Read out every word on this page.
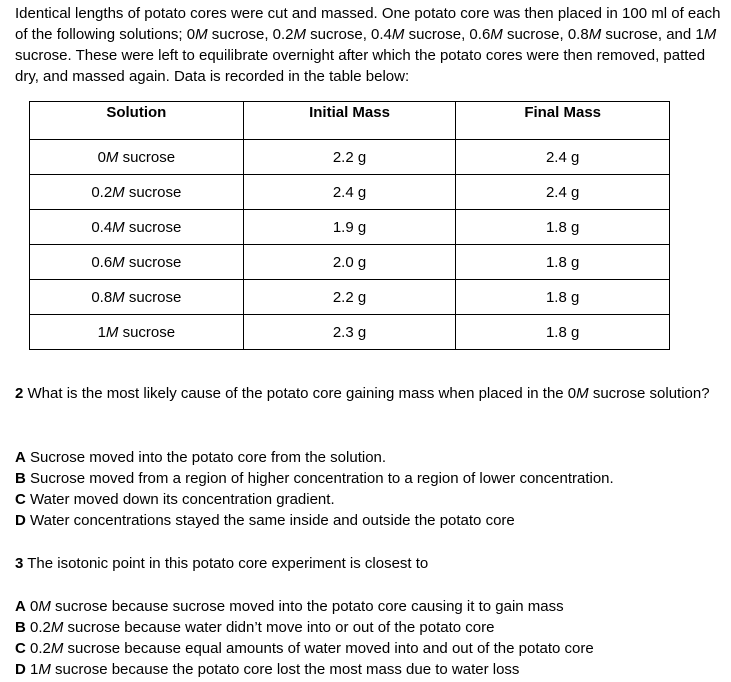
Identical lengths of potato cores were cut and massed. One potato core was then placed in 100 ml of each of the following solutions; 0M sucrose, 0.2M sucrose, 0.4M sucrose, 0.6M sucrose, 0.8M sucrose, and 1M sucrose. These were left to equilibrate overnight after which the potato cores were then removed, patted dry, and massed again. Data is recorded in the table below:

Solution	Initial Mass	Final Mass
0M sucrose	2.2 g	2.4 g
0.2M sucrose	2.4 g	2.4 g
0.4M sucrose	1.9 g	1.8 g
0.6M sucrose	2.0 g	1.8 g
0.8M sucrose	2.2 g	1.8 g
1M sucrose	2.3 g	1.8 g

2 What is the most likely cause of the potato core gaining mass when placed in the 0M sucrose solution?

A Sucrose moved into the potato core from the solution.

B Sucrose moved from a region of higher concentration to a region of lower concentration.

C Water moved down its concentration gradient.

D Water concentrations stayed the same inside and outside the potato core

3 The isotonic point in this potato core experiment is closest to

A 0M sucrose because sucrose moved into the potato core causing it to gain mass

B 0.2M sucrose because water didn’t move into or out of the potato core

C 0.2M sucrose because equal amounts of water moved into and out of the potato core

D 1M sucrose because the potato core lost the most mass due to water loss
